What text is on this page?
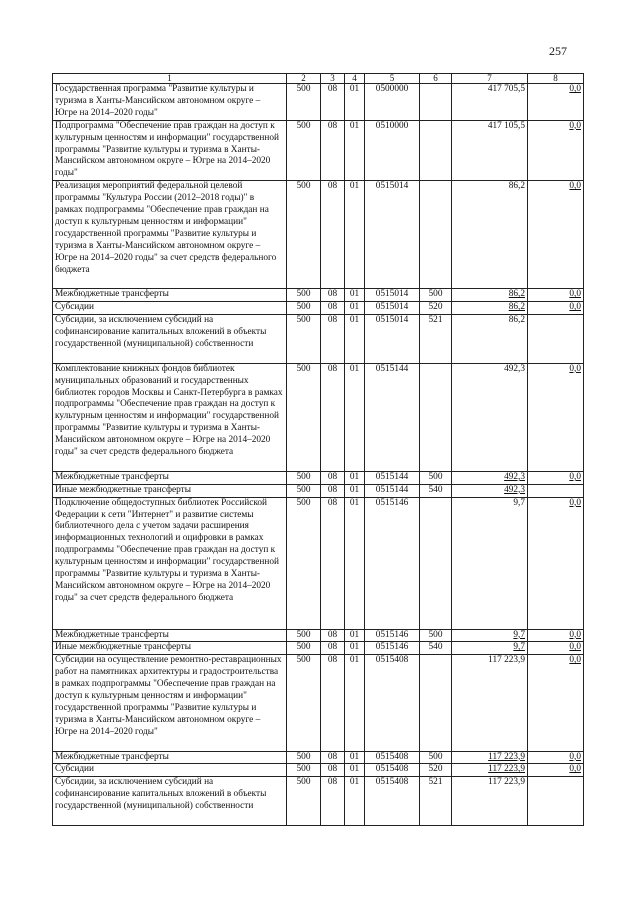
257
1	2	3	4	5	6	7	8
Государственная программа "Развитие культуры и туризма в Ханты-Мансийском автономном округе – Югре на 2014–2020 годы"	500	08	01	0500000		417 705,5	0,0
Подпрограмма "Обеспечение прав граждан на доступ к культурным ценностям и информации" государственной программы "Развитие культуры и туризма в Ханты-Мансийском автономном округе – Югре на 2014–2020 годы"	500	08	01	0510000		417 105,5	0,0
Реализация мероприятий федеральной целевой программы "Культура России (2012–2018 годы)" в рамках подпрограммы "Обеспечение прав граждан на доступ к культурным ценностям и информации" государственной программы "Развитие культуры и туризма в Ханты-Мансийском автономном округе – Югре на 2014–2020 годы" за счет средств федерального бюджета	500	08	01	0515014		86,2	0,0
Межбюджетные трансферты	500	08	01	0515014	500	86,2	0,0
Субсидии	500	08	01	0515014	520	86,2	0,0
Субсидии, за исключением субсидий на софинансирование капитальных вложений в объекты государственной (муниципальной) собственности	500	08	01	0515014	521	86,2	
Комплектование книжных фондов библиотек муниципальных образований и государственных библиотек городов Москвы и Санкт-Петербурга в рамках подпрограммы "Обеспечение прав граждан на доступ к культурным ценностям и информации" государственной программы "Развитие культуры и туризма в Ханты-Мансийском автономном округе – Югре на 2014–2020 годы" за счет средств федерального бюджета	500	08	01	0515144		492,3	0,0
Межбюджетные трансферты	500	08	01	0515144	500	492,3	0,0
Иные межбюджетные трансферты	500	08	01	0515144	540	492,3	
Подключение общедоступных библиотек Российской Федерации к сети "Интернет" и развитие системы библиотечного дела с учетом задачи расширения информационных технологий и оцифровки в рамках подпрограммы "Обеспечение прав граждан на доступ к культурным ценностям и информации" государственной программы "Развитие культуры и туризма в Ханты-Мансийском автономном округе – Югре на 2014–2020 годы" за счет средств федерального бюджета	500	08	01	0515146		9,7	0,0
Межбюджетные трансферты	500	08	01	0515146	500	9,7	0,0
Иные межбюджетные трансферты	500	08	01	0515146	540	9,7	0,0
Субсидии на осуществление ремонтно-реставрационных работ на памятниках архитектуры и градостроительства в рамках подпрограммы "Обеспечение прав граждан на доступ к культурным ценностям и информации" государственной программы "Развитие культуры и туризма в Ханты-Мансийском автономном округе – Югре на 2014–2020 годы"	500	08	01	0515408		117 223,9	0,0
Межбюджетные трансферты	500	08	01	0515408	500	117 223,9	0,0
Субсидии	500	08	01	0515408	520	117 223,9	0,0
Субсидии, за исключением субсидий на софинансирование капитальных вложений в объекты государственной (муниципальной) собственности	500	08	01	0515408	521	117 223,9	
